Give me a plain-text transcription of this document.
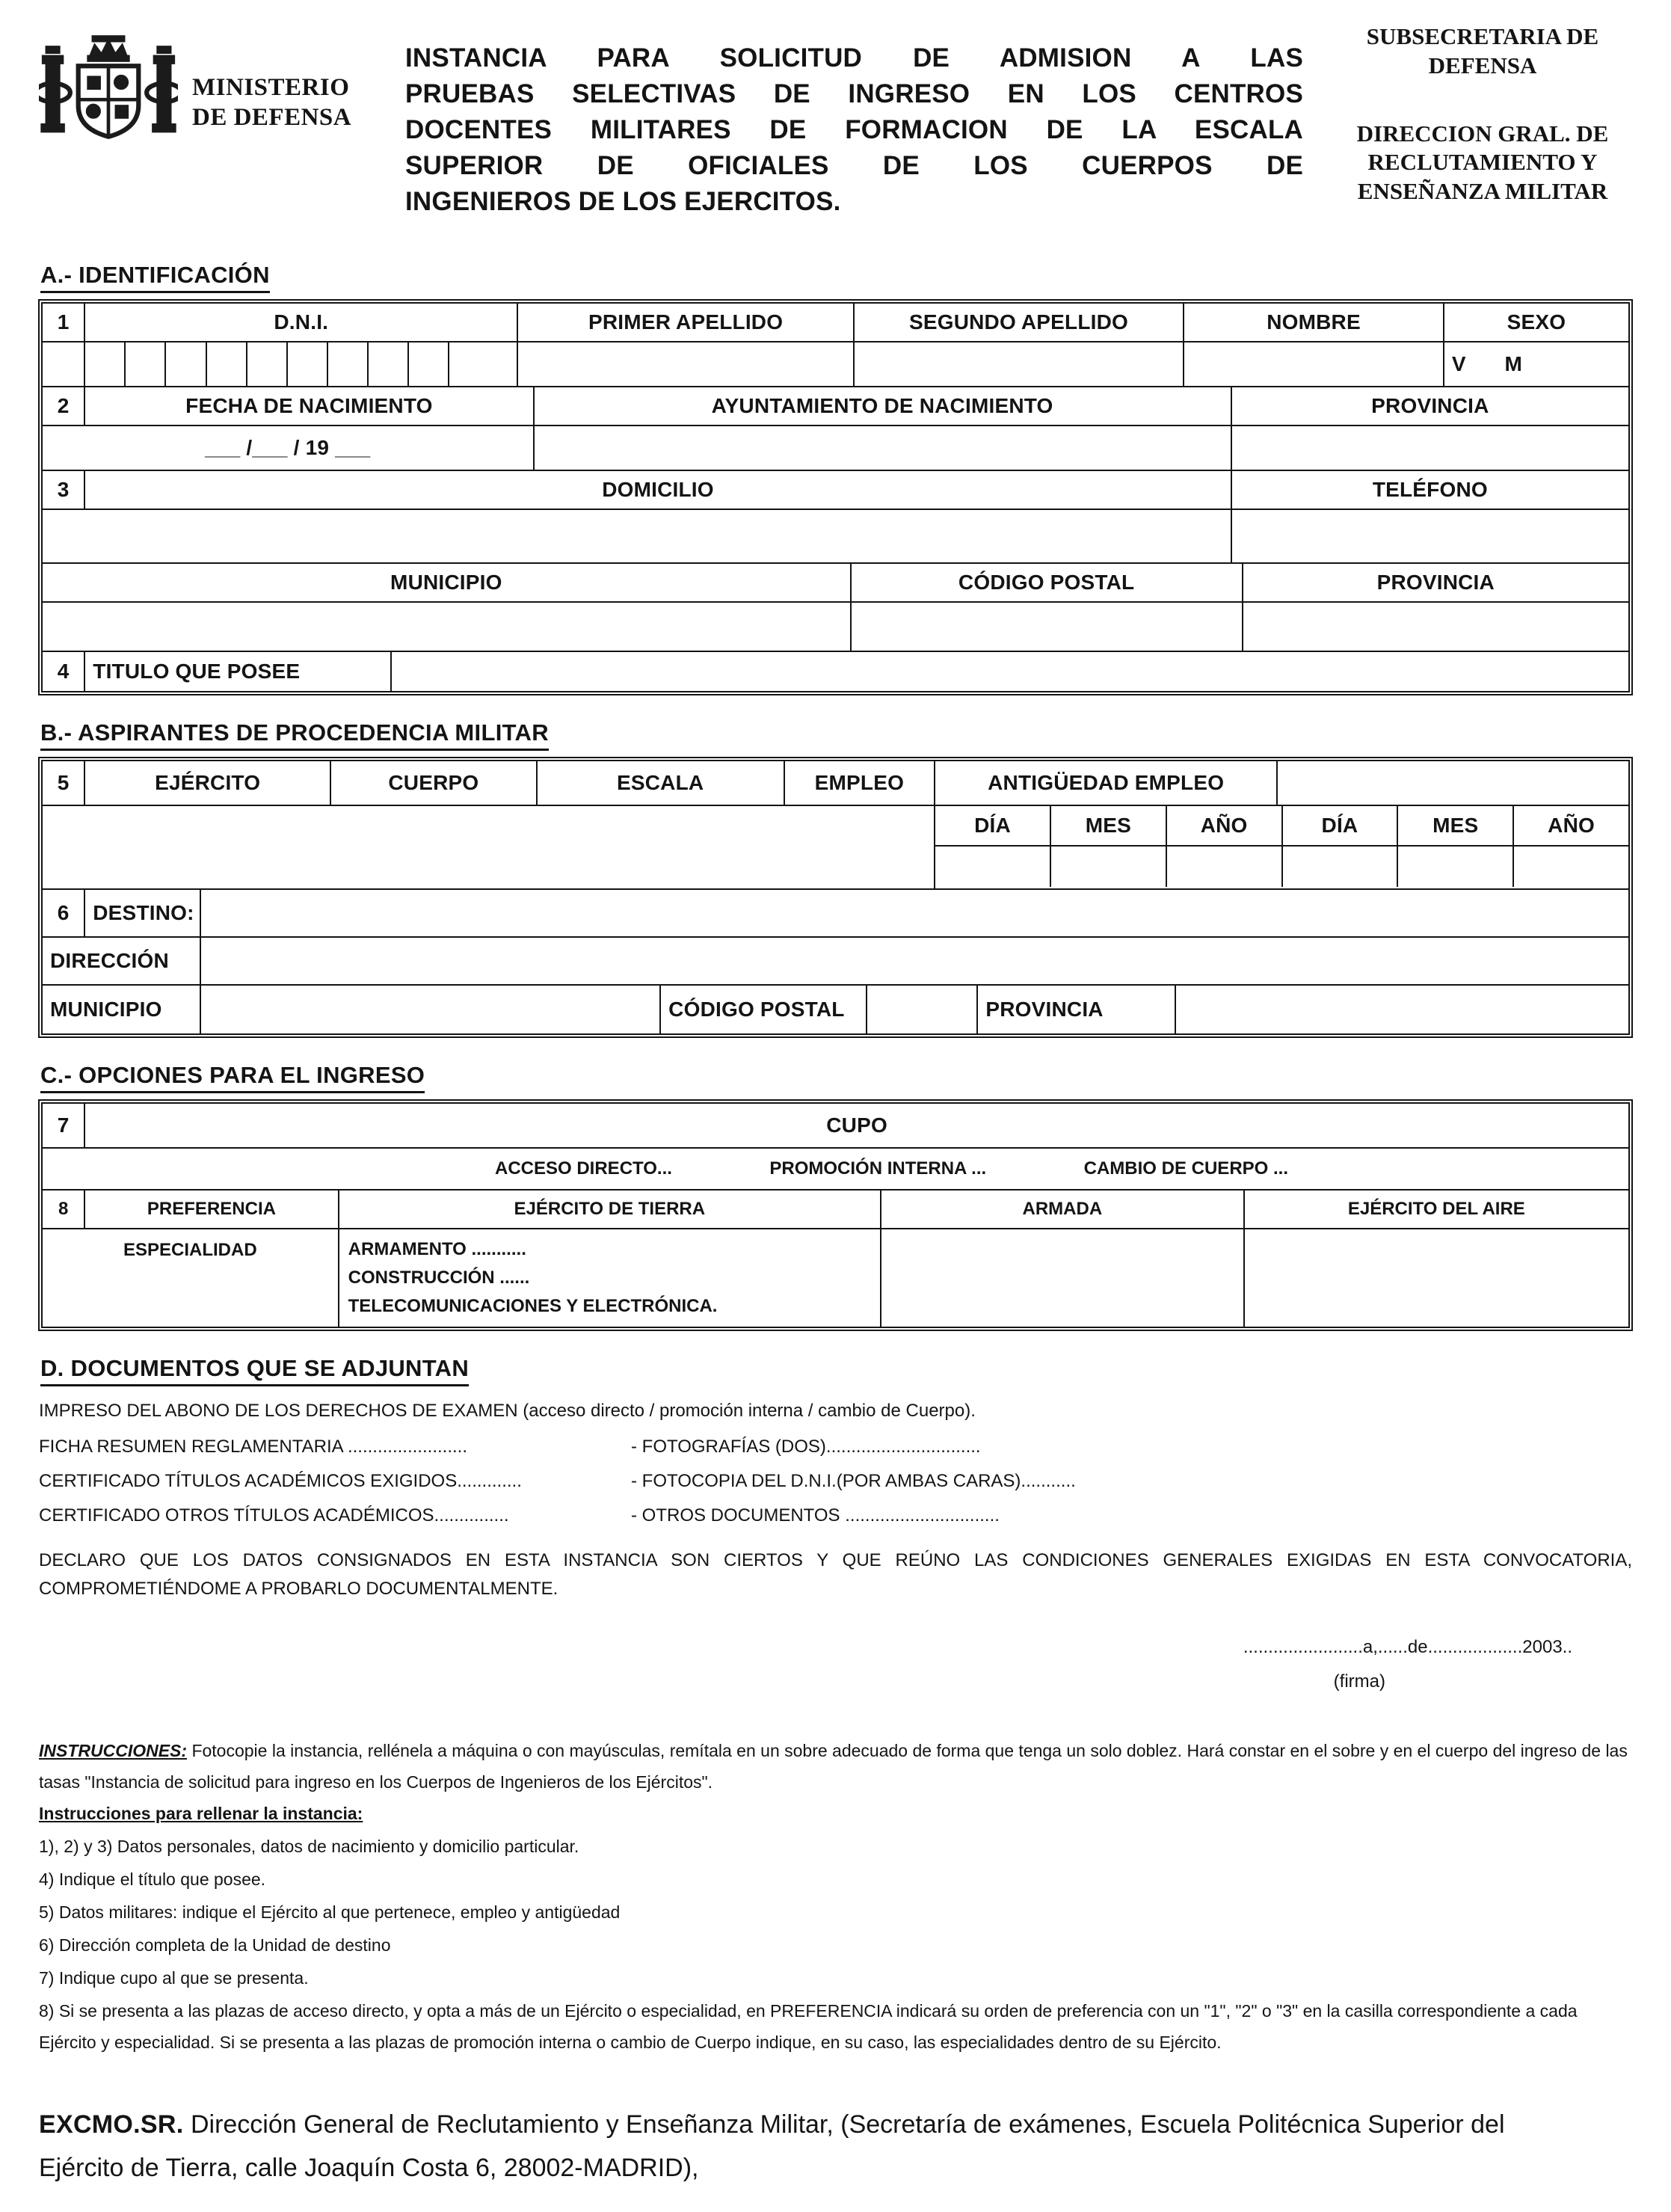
MINISTERIO
DE DEFENSA
INSTANCIA PARA SOLICITUD DE ADMISION A LAS
PRUEBAS SELECTIVAS DE INGRESO EN LOS CENTROS
DOCENTES MILITARES DE FORMACION DE LA ESCALA
SUPERIOR DE OFICIALES DE LOS CUERPOS DE
INGENIEROS DE LOS EJERCITOS.
SUBSECRETARIA DE DEFENSA
DIRECCION GRAL. DE RECLUTAMIENTO Y ENSEÑANZA MILITAR
A.- IDENTIFICACIÓN
1	D.N.I.	PRIMER APELLIDO	SEGUNDO APELLIDO	NOMBRE	SEXO
V M
2	FECHA DE NACIMIENTO	AYUNTAMIENTO DE NACIMIENTO	PROVINCIA
___ /___ / 19 ___
3	DOMICILIO	TELÉFONO
MUNICIPIO	CÓDIGO POSTAL	PROVINCIA
4	TITULO QUE POSEE
B.- ASPIRANTES DE PROCEDENCIA MILITAR
5	EJÉRCITO	CUERPO	ESCALA	EMPLEO	ANTIGÜEDAD EMPLEO
DÍA	MES	AÑO	DÍA	MES	AÑO
6	DESTINO:
DIRECCIÓN
MUNICIPIO	CÓDIGO POSTAL	PROVINCIA
C.- OPCIONES PARA EL INGRESO
7	CUPO
ACCESO DIRECTO...	PROMOCIÓN INTERNA ...	CAMBIO DE CUERPO ...
8	PREFERENCIA	EJÉRCITO DE TIERRA	ARMADA	EJÉRCITO DEL AIRE
ESPECIALIDAD	ARMAMENTO ...........
CONSTRUCCIÓN ......
TELECOMUNICACIONES Y ELECTRÓNICA.
D. DOCUMENTOS QUE SE ADJUNTAN
IMPRESO DEL ABONO DE LOS DERECHOS DE EXAMEN (acceso directo / promoción interna / cambio de Cuerpo).
FICHA RESUMEN REGLAMENTARIA ........................	- FOTOGRAFÍAS (DOS)...............................
CERTIFICADO TÍTULOS ACADÉMICOS EXIGIDOS.............	- FOTOCOPIA DEL D.N.I.(POR AMBAS CARAS)...........
CERTIFICADO OTROS TÍTULOS ACADÉMICOS...............	- OTROS DOCUMENTOS ...............................
DECLARO QUE LOS DATOS CONSIGNADOS EN ESTA INSTANCIA SON CIERTOS Y QUE REÚNO LAS CONDICIONES GENERALES EXIGIDAS EN ESTA CONVOCATORIA,
COMPROMETIÉNDOME A PROBARLO DOCUMENTALMENTE.
........................a,......de...................2003..
(firma)
INSTRUCCIONES: Fotocopie la instancia, rellénela a máquina o con mayúsculas, remítala en un sobre adecuado de forma que tenga un solo doblez. Hará constar en el sobre y en el cuerpo del ingreso de las tasas "Instancia de solicitud para ingreso en los Cuerpos de Ingenieros de los Ejércitos".
Instrucciones para rellenar la instancia:
1), 2) y 3) Datos personales, datos de nacimiento y domicilio particular.
4) Indique el título que posee.
5) Datos militares: indique el Ejército al que pertenece, empleo y antigüedad
6) Dirección completa de la Unidad de destino
7) Indique cupo al que se presenta.
8) Si se presenta a las plazas de acceso directo, y opta a más de un Ejército o especialidad, en PREFERENCIA indicará su orden de preferencia con un "1", "2" o "3" en la casilla correspondiente a cada Ejército y especialidad. Si se presenta a las plazas de promoción interna o cambio de Cuerpo indique, en su caso, las especialidades dentro de su Ejército.
EXCMO.SR. Dirección General de Reclutamiento y Enseñanza Militar, (Secretaría de exámenes, Escuela Politécnica Superior del Ejército de Tierra, calle Joaquín Costa 6, 28002-MADRID),
